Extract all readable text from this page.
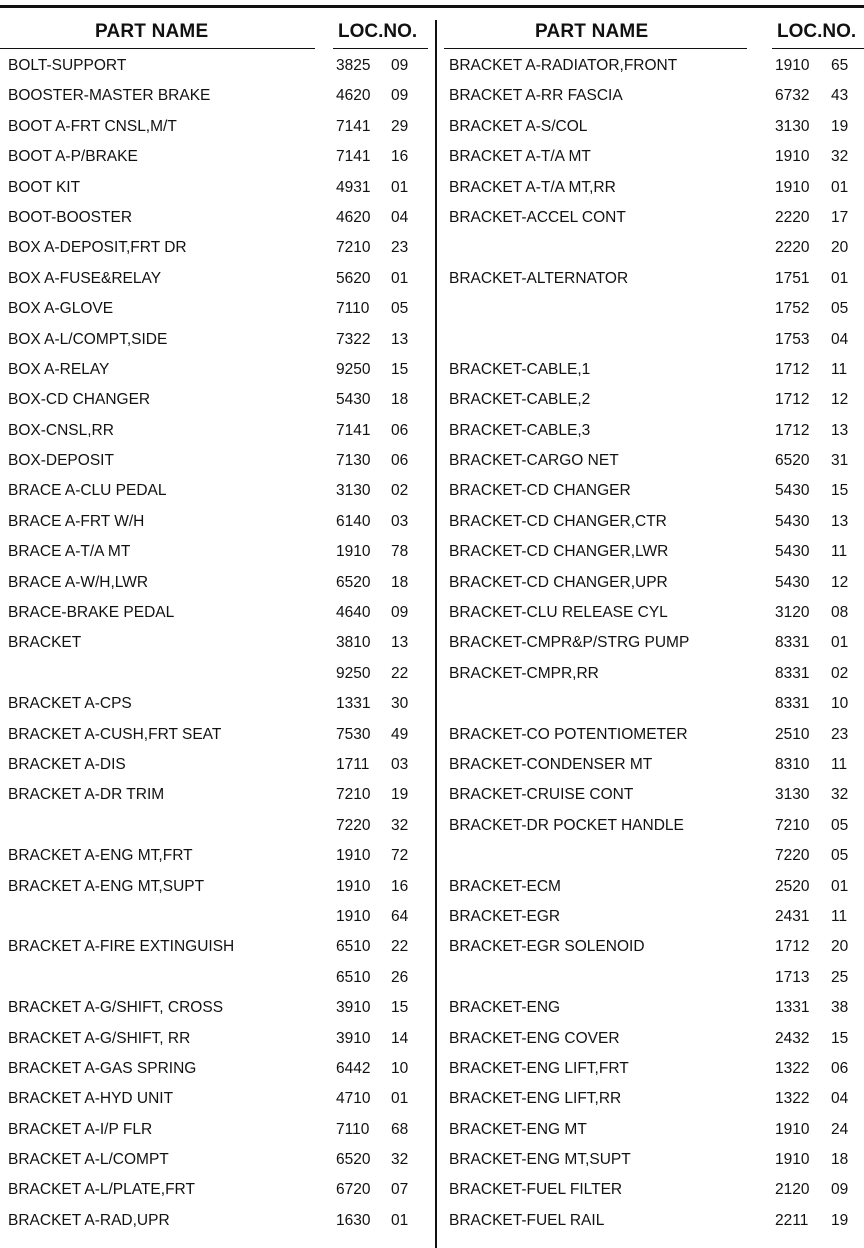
PART NAME	LOC.NO.
BOLT-SUPPORT	3825 09
BOOSTER-MASTER BRAKE	4620 09
BOOT A-FRT CNSL,M/T	7141 29
BOOT A-P/BRAKE	7141 16
BOOT KIT	4931 01
BOOT-BOOSTER	4620 04
BOX A-DEPOSIT,FRT DR	7210 23
BOX A-FUSE&RELAY	5620 01
BOX A-GLOVE	7110 05
BOX A-L/COMPT,SIDE	7322 13
BOX A-RELAY	9250 15
BOX-CD CHANGER	5430 18
BOX-CNSL,RR	7141 06
BOX-DEPOSIT	7130 06
BRACE A-CLU PEDAL	3130 02
BRACE A-FRT W/H	6140 03
BRACE A-T/A MT	1910 78
BRACE A-W/H,LWR	6520 18
BRACE-BRAKE PEDAL	4640 09
BRACKET	3810 13
9250 22
BRACKET A-CPS	1331 30
BRACKET A-CUSH,FRT SEAT	7530 49
BRACKET A-DIS	1711 03
BRACKET A-DR TRIM	7210 19
7220 32
BRACKET A-ENG MT,FRT	1910 72
BRACKET A-ENG MT,SUPT	1910 16
1910 64
BRACKET A-FIRE EXTINGUISH	6510 22
6510 26
BRACKET A-G/SHIFT, CROSS	3910 15
BRACKET A-G/SHIFT, RR	3910 14
BRACKET A-GAS SPRING	6442 10
BRACKET A-HYD UNIT	4710 01
BRACKET A-I/P FLR	7110 68
BRACKET A-L/COMPT	6520 32
BRACKET A-L/PLATE,FRT	6720 07
BRACKET A-RAD,UPR	1630 01
PART NAME	LOC.NO.
BRACKET A-RADIATOR,FRONT	1910 65
BRACKET A-RR FASCIA	6732 43
BRACKET A-S/COL	3130 19
BRACKET A-T/A MT	1910 32
BRACKET A-T/A MT,RR	1910 01
BRACKET-ACCEL CONT	2220 17
2220 20
BRACKET-ALTERNATOR	1751 01
1752 05
1753 04
BRACKET-CABLE,1	1712 11
BRACKET-CABLE,2	1712 12
BRACKET-CABLE,3	1712 13
BRACKET-CARGO NET	6520 31
BRACKET-CD CHANGER	5430 15
BRACKET-CD CHANGER,CTR	5430 13
BRACKET-CD CHANGER,LWR	5430 11
BRACKET-CD CHANGER,UPR	5430 12
BRACKET-CLU RELEASE CYL	3120 08
BRACKET-CMPR&P/STRG PUMP	8331 01
BRACKET-CMPR,RR	8331 02
8331 10
BRACKET-CO POTENTIOMETER	2510 23
BRACKET-CONDENSER MT	8310 11
BRACKET-CRUISE CONT	3130 32
BRACKET-DR POCKET HANDLE	7210 05
7220 05
BRACKET-ECM	2520 01
BRACKET-EGR	2431 11
BRACKET-EGR SOLENOID	1712 20
1713 25
BRACKET-ENG	1331 38
BRACKET-ENG COVER	2432 15
BRACKET-ENG LIFT,FRT	1322 06
BRACKET-ENG LIFT,RR	1322 04
BRACKET-ENG MT	1910 24
BRACKET-ENG MT,SUPT	1910 18
BRACKET-FUEL FILTER	2120 09
BRACKET-FUEL RAIL	2211 19
